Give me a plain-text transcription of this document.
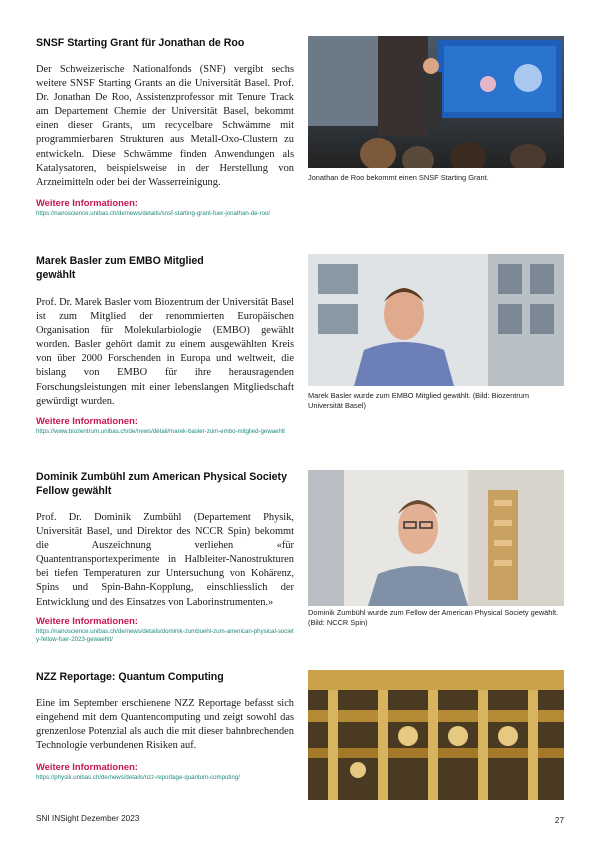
SNSF Starting Grant für Jonathan de Roo

Der Schweizerische Nationalfonds (SNF) vergibt sechs weitere SNSF Starting Grants an die Universität Basel. Prof. Dr. Jonathan De Roo, Assistenzprofessor mit Tenure Track am Departement Chemie der Universität Basel, bekommt einen dieser Grants, um recycelbare Schwämme mit programmierbaren Strukturen aus Metall-Oxo-Clustern zu entwickeln. Diese Schwämme finden Anwendungen als Katalysatoren, beispielsweise in der Herstellung von Arzneimitteln oder bei der Wasserreinigung.

Weitere Informationen:
https://nanoscience.unibas.ch/de/news/details/snsf-starting-grant-fuer-jonathan-de-roo/
Jonathan de Roo bekommt einen SNSF Starting Grant.
Marek Basler zum EMBO Mitglied gewählt

Prof. Dr. Marek Basler vom Biozentrum der Universität Basel ist zum Mitglied der renommierten Europäischen Organisation für Molekularbiologie (EMBO) gewählt worden. Basler gehört damit zu einem ausgewählten Kreis von über 2000 Forschenden in Europa und weltweit, die bislang von EMBO für ihre herausragenden Forschungsleistungen mit einer lebenslangen Mitgliedschaft gewürdigt wurden.

Weitere Informationen:
https://www.biozentrum.unibas.ch/de/news/detail/marek-basler-zum-embo-mitglied-gewaehlt
Marek Basler wurde zum EMBO Mitglied gewählt. (Bild: Biozentrum Universität Basel)
Dominik Zumbühl zum American Physical Society Fellow gewählt

Prof. Dr. Dominik Zumbühl (Departement Physik, Universität Basel, und Direktor des NCCR Spin) bekommt die Auszeichnung verliehen «für Quantentransportexperimente in Halbleiter-Nanostrukturen bei tiefen Temperaturen zur Untersuchung von Kohärenz, Spins und Spin-Bahn-Kopplung, einschliesslich der Entwicklung und des Einsatzes von Laborinstrumenten.»

Weitere Informationen:
https://nanoscience.unibas.ch/de/news/details/dominik-zumbuehl-zum-american-physical-society-fellow-fuer-2023-gewaehlt/
Dominik Zumbühl wurde zum Fellow der American Physical Society gewählt. (Bild: NCCR Spin)
NZZ Reportage: Quantum Computing

Eine im September erschienene NZZ Reportage befasst sich eingehend mit dem Quantencomputing und zeigt sowohl das grenzenlose Potenzial als auch die mit dieser bahnbrechenden Technologie verbundenen Risiken auf.

Weitere Informationen:
https://physik.unibas.ch/de/news/details/nzz-reportage-quantum-computing/
SNI INSight Dezember 2023	27
